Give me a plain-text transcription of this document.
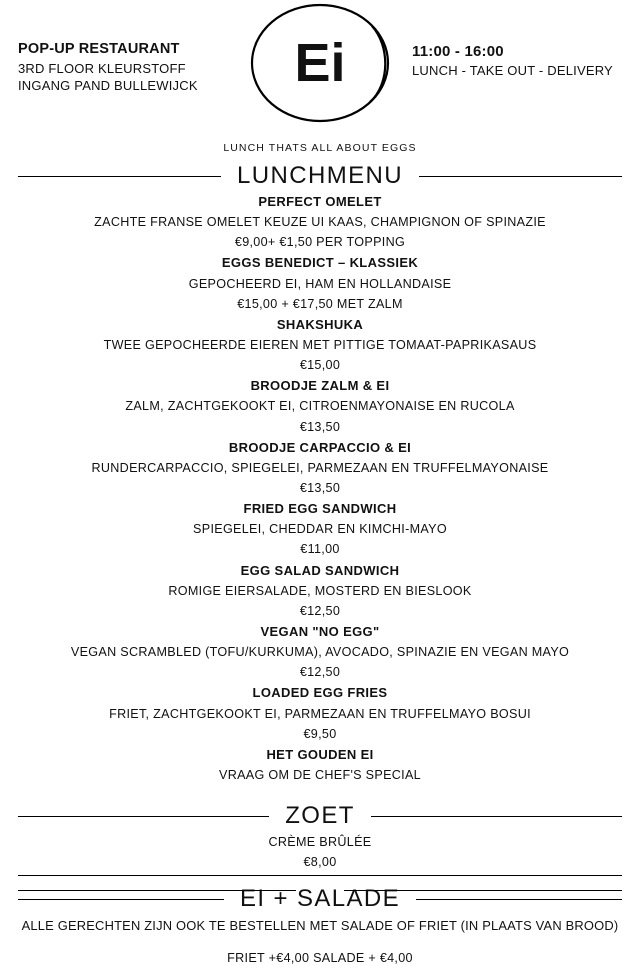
POP-UP RESTAURANT
3RD FLOOR KLEURSTOFF
INGANG PAND BULLEWIJCK	Ei	11:00 - 16:00
LUNCH - TAKE OUT - DELIVERY
LUNCH THATS ALL ABOUT EGGS
LUNCHMENU
PERFECT OMELET
ZACHTE FRANSE OMELET KEUZE UI KAAS, CHAMPIGNON OF SPINAZIE
€9,00+ €1,50 PER TOPPING
EGGS BENEDICT – KLASSIEK
GEPOCHEERD EI, HAM EN HOLLANDAISE
€15,00 + €17,50 MET ZALM
SHAKSHUKA
TWEE GEPOCHEERDE EIEREN MET PITTIGE TOMAAT-PAPRIKASAUS
€15,00
BROODJE ZALM & EI
ZALM, ZACHTGEKOOKT EI, CITROENMAYONAISE EN RUCOLA
€13,50
BROODJE CARPACCIO & EI
RUNDERCARPACCIO, SPIEGELEI, PARMEZAAN EN TRUFFELMAYONAISE
€13,50
FRIED EGG SANDWICH
SPIEGELEI, CHEDDAR EN KIMCHI-MAYO
€11,00
EGG SALAD SANDWICH
ROMIGE EIERSALADE, MOSTERD EN BIESLOOK
€12,50
VEGAN "NO EGG"
VEGAN SCRAMBLED (TOFU/KURKUMA), AVOCADO, SPINAZIE EN VEGAN MAYO
€12,50
LOADED EGG FRIES
FRIET, ZACHTGEKOOKT EI, PARMEZAAN EN TRUFFELMAYO BOSUI
€9,50
HET GOUDEN EI
VRAAG OM DE CHEF'S SPECIAL
ZOET
CRÈME BRÛLÉE
€8,00
EI + SALADE
ALLE GERECHTEN ZIJN OOK TE BESTELLEN MET SALADE OF FRIET (IN PLAATS VAN BROOD)
FRIET +€4,00 SALADE + €4,00
